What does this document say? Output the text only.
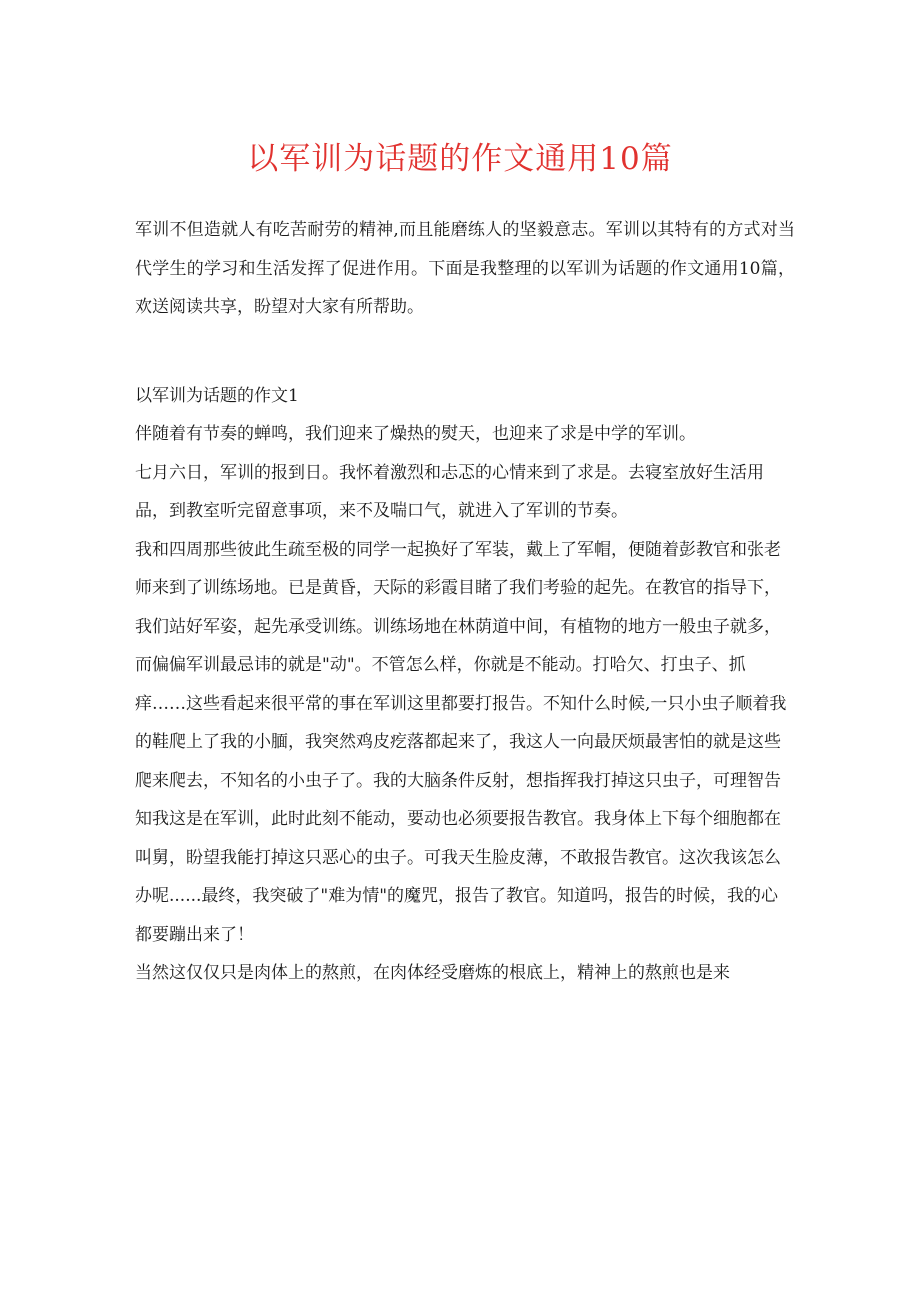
以军训为话题的作文通用10篇

军训不但造就人有吃苦耐劳的精神,而且能磨练人的坚毅意志。军训以其特有的方式对当代学生的学习和生活发挥了促进作用。下面是我整理的以军训为话题的作文通用10篇，欢送阅读共享，盼望对大家有所帮助。

以军训为话题的作文1

伴随着有节奏的蝉鸣，我们迎来了燥热的熨天，也迎来了求是中学的军训。

七月六日，军训的报到日。我怀着激烈和忐忑的心情来到了求是。去寝室放好生活用品，到教室听完留意事项，来不及喘口气，就进入了军训的节奏。

我和四周那些彼此生疏至极的同学一起换好了军装，戴上了军帽，便随着彭教官和张老师来到了训练场地。已是黄昏，天际的彩霞目睹了我们考验的起先。在教官的指导下，我们站好军姿，起先承受训练。训练场地在林荫道中间，有植物的地方一般虫子就多，而偏偏军训最忌讳的就是"动"。不管怎么样，你就是不能动。打哈欠、打虫子、抓痒……这些看起来很平常的事在军训这里都要打报告。不知什么时候,一只小虫子顺着我的鞋爬上了我的小腼，我突然鸡皮疙落都起来了，我这人一向最厌烦最害怕的就是这些爬来爬去，不知名的小虫子了。我的大脑条件反射，想指挥我打掉这只虫子，可理智告知我这是在军训，此时此刻不能动，要动也必须要报告教官。我身体上下每个细胞都在叫舅，盼望我能打掉这只恶心的虫子。可我天生脸皮薄，不敢报告教官。这次我该怎么办呢......最终，我突破了"难为情"的魔咒，报告了教官。知道吗，报告的时候，我的心都要蹦出来了！

当然这仅仅只是肉体上的熬煎，在肉体经受磨炼的根底上，精神上的熬煎也是来
